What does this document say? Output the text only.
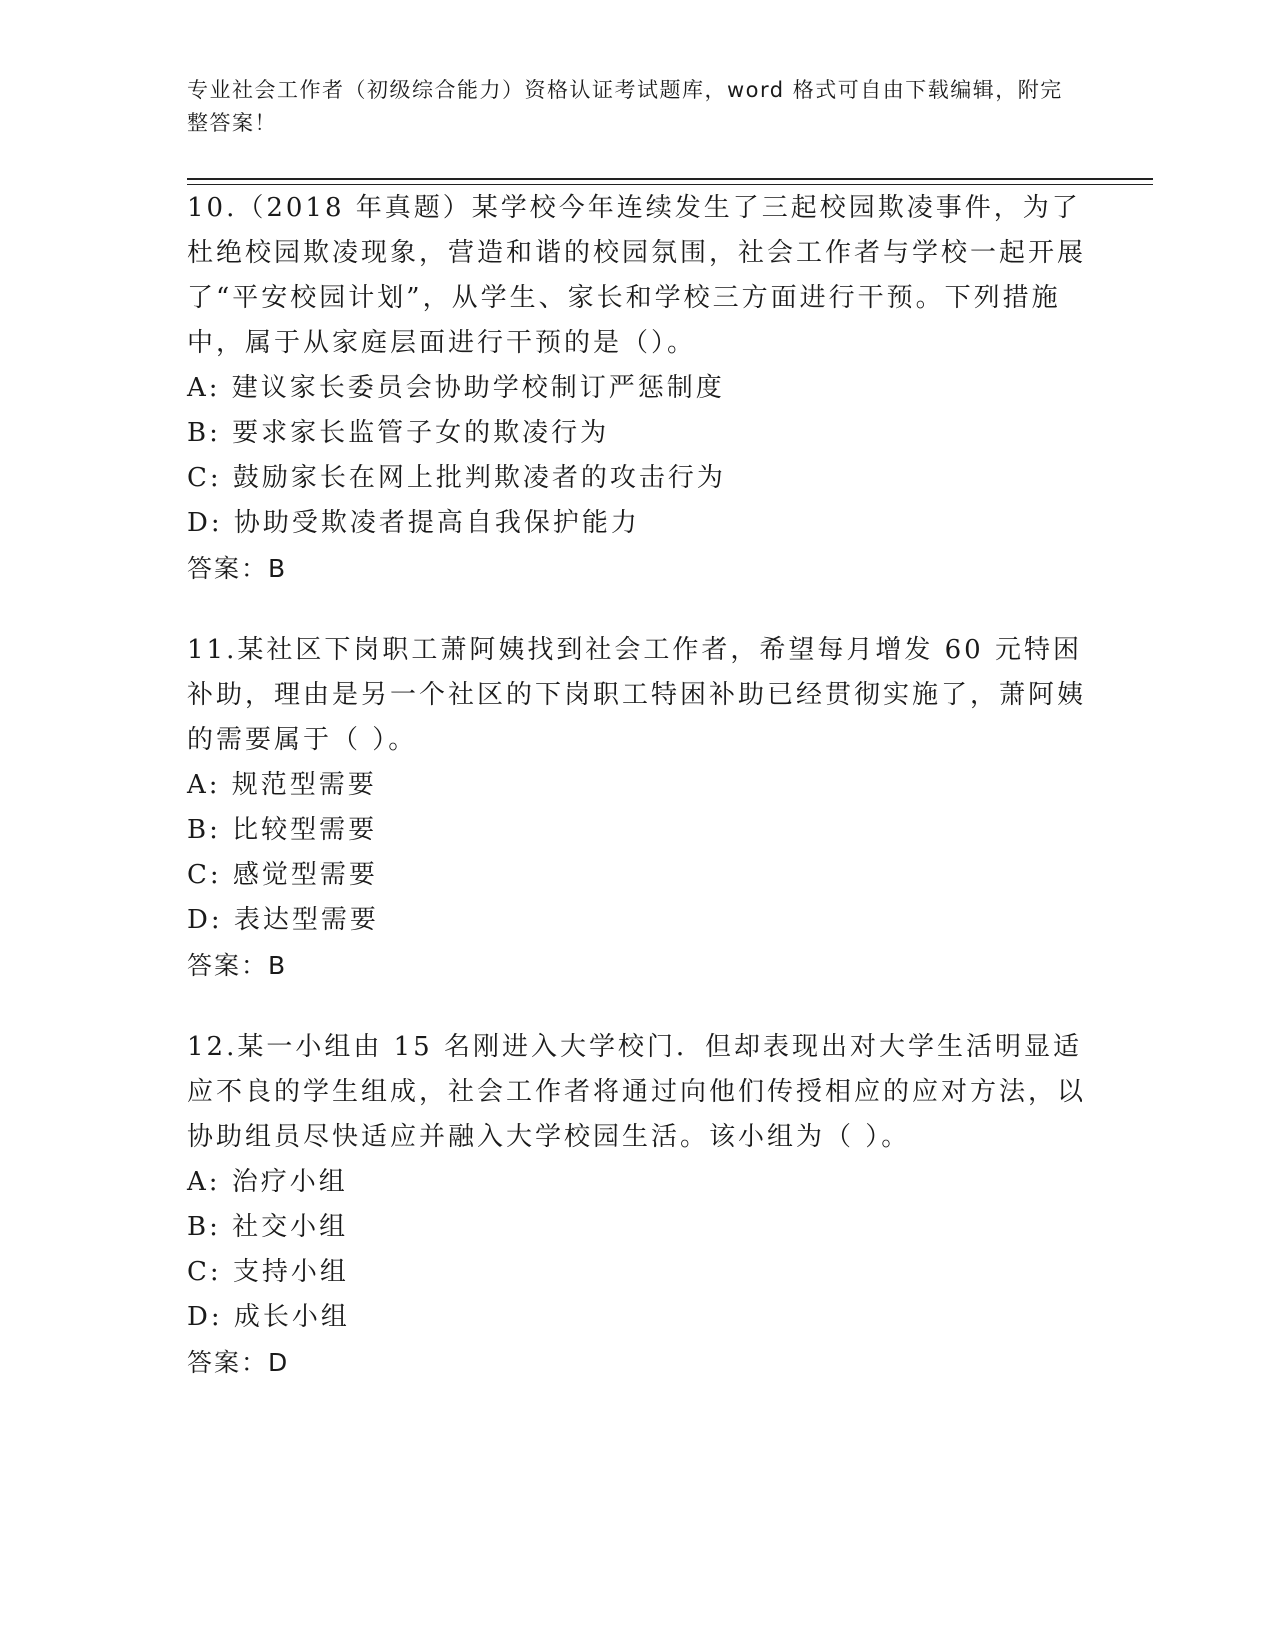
专业社会工作者（初级综合能力）资格认证考试题库，word 格式可自由下载编辑，附完整答案！
10.（2018 年真题）某学校今年连续发生了三起校园欺凌事件，为了杜绝校园欺凌现象，营造和谐的校园氛围，社会工作者与学校一起开展了“平安校园计划”，从学生、家长和学校三方面进行干预。下列措施中，属于从家庭层面进行干预的是（）。
A: 建议家长委员会协助学校制订严惩制度
B: 要求家长监管子女的欺凌行为
C: 鼓励家长在网上批判欺凌者的攻击行为
D: 协助受欺凌者提高自我保护能力
答案：B
11.某社区下岗职工萧阿姨找到社会工作者，希望每月增发 60 元特困补助，理由是另一个社区的下岗职工特困补助已经贯彻实施了，萧阿姨的需要属于（ ）。
A: 规范型需要
B: 比较型需要
C: 感觉型需要
D: 表达型需要
答案：B
12.某一小组由 15 名刚进入大学校门．但却表现出对大学生活明显适应不良的学生组成，社会工作者将通过向他们传授相应的应对方法，以协助组员尽快适应并融入大学校园生活。该小组为（ ）。
A: 治疗小组
B: 社交小组
C: 支持小组
D: 成长小组
答案：D
